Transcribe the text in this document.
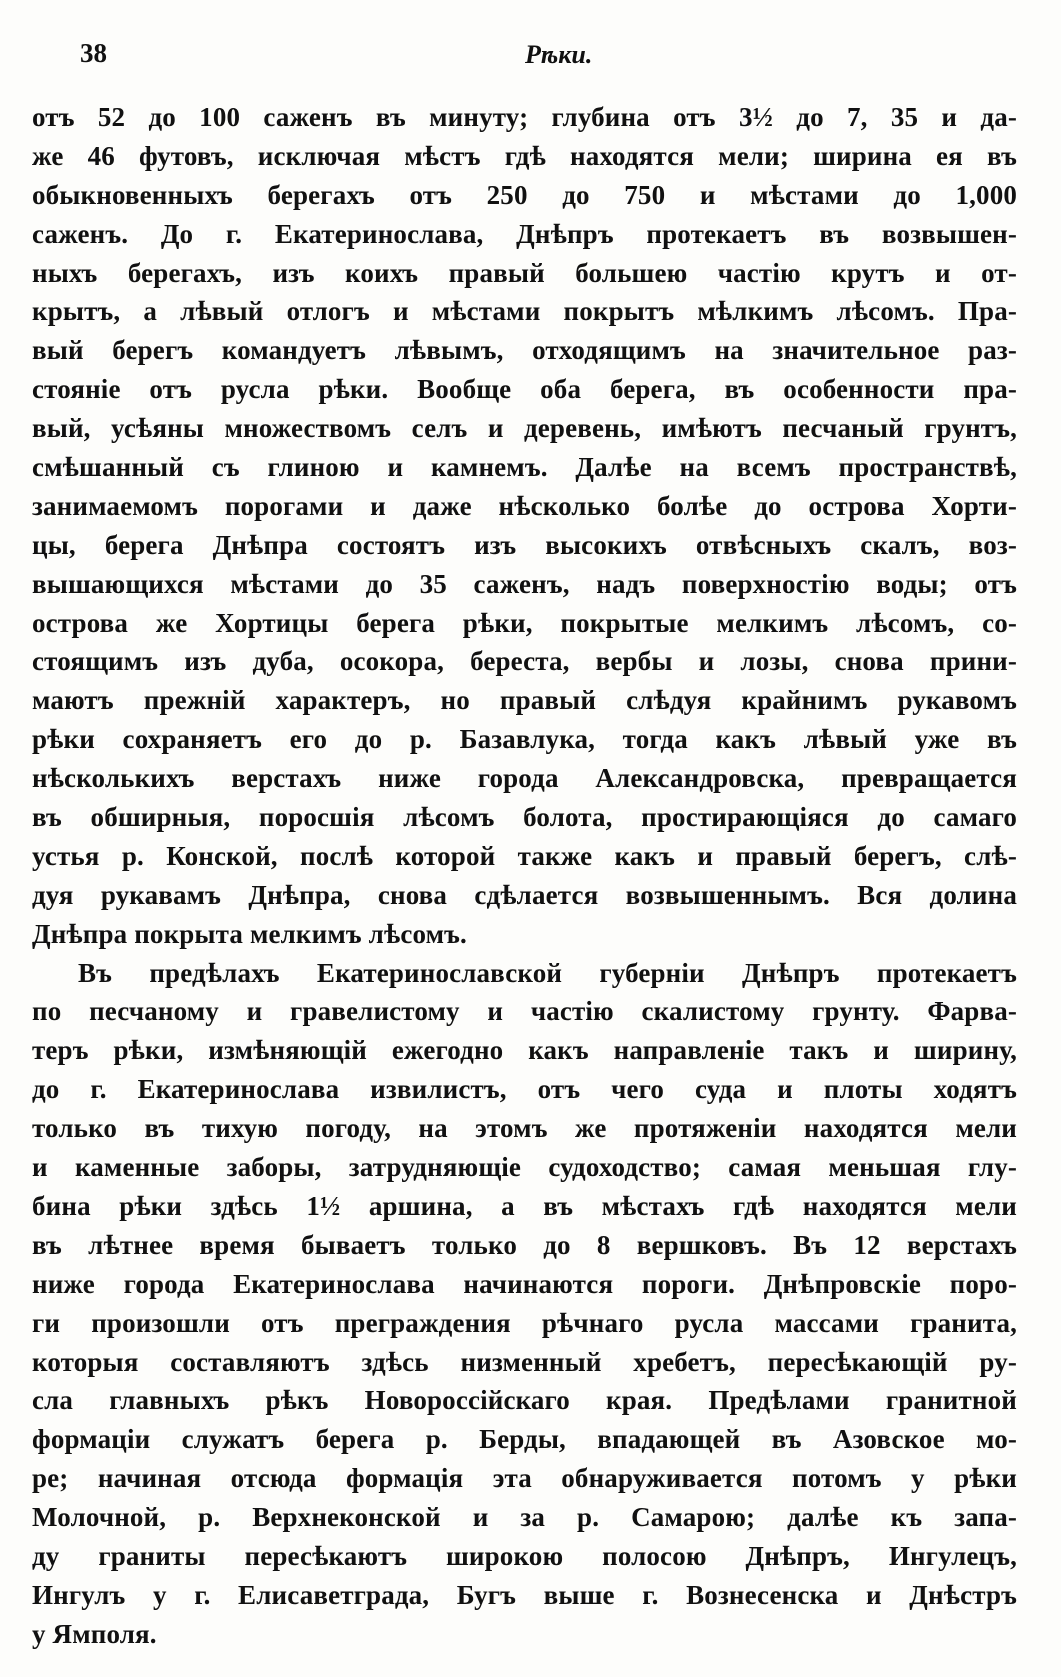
38	Рѣки.
отъ 52 до 100 саженъ въ минуту; глубина отъ 3½ до 7, 35 и да-
же 46 футовъ, исключая мѣстъ гдѣ находятся мели; ширина ея въ
обыкновенныхъ берегахъ отъ 250 до 750 и мѣстами до 1,000
саженъ. До г. Екатеринослава, Днѣпръ протекаетъ въ возвышен-
ныхъ берегахъ, изъ коихъ правый большею частію крутъ и от-
крытъ, а лѣвый отлогъ и мѣстами покрытъ мѣлкимъ лѣсомъ. Пра-
вый берегъ командуетъ лѣвымъ, отходящимъ на значительное раз-
стояніе отъ русла рѣки. Вообще оба берега, въ особенности пра-
вый, усѣяны множествомъ селъ и деревень, имѣютъ песчаный грунтъ,
смѣшанный съ глиною и камнемъ. Далѣе на всемъ пространствѣ,
занимаемомъ порогами и даже нѣсколько болѣе до острова Хорти-
цы, берега Днѣпра состоятъ изъ высокихъ отвѣсныхъ скалъ, воз-
вышающихся мѣстами до 35 саженъ, надъ поверхностію воды; отъ
острова же Хортицы берега рѣки, покрытые мелкимъ лѣсомъ, со-
стоящимъ изъ дуба, осокора, береста, вербы и лозы, снова прини-
маютъ прежній характеръ, но правый слѣдуя крайнимъ рукавомъ
рѣки сохраняетъ его до р. Базавлука, тогда какъ лѣвый уже въ
нѣсколькихъ верстахъ ниже города Александровска, превращается
въ обширныя, поросшія лѣсомъ болота, простирающіяся до самаго
устья р. Конской, послѣ которой также какъ и правый берегъ, слѣ-
дуя рукавамъ Днѣпра, снова сдѣлается возвышеннымъ. Вся долина
Днѣпра покрыта мелкимъ лѣсомъ.
Въ предѣлахъ Екатеринославской губерніи Днѣпръ протекаетъ
по песчаному и гравелистому и частію скалистому грунту. Фарва-
теръ рѣки, измѣняющій ежегодно какъ направленіе такъ и ширину,
до г. Екатеринослава извилистъ, отъ чего суда и плоты ходятъ
только въ тихую погоду, на этомъ же протяженіи находятся мели
и каменные заборы, затрудняющіе судоходство; самая меньшая глу-
бина рѣки здѣсь 1½ аршина, а въ мѣстахъ гдѣ находятся мели
въ лѣтнее время бываетъ только до 8 вершковъ. Въ 12 верстахъ
ниже города Екатеринослава начинаются пороги. Днѣпровскіе поро-
ги произошли отъ преграждения рѣчнаго русла массами гранита,
которыя составляютъ здѣсь низменный хребетъ, пересѣкающій ру-
сла главныхъ рѣкъ Новороссійскаго края. Предѣлами гранитной
формаціи служатъ берега р. Берды, впадающей въ Азовское мо-
ре; начиная отсюда формація эта обнаруживается потомъ у рѣки
Молочной, р. Верхнеконской и за р. Самарою; далѣе къ запа-
ду граниты пересѣкаютъ широкою полосою Днѣпръ, Ингулецъ,
Ингулъ у г. Елисаветграда, Бугъ выше г. Вознесенска и Днѣстръ
у Ямполя.
